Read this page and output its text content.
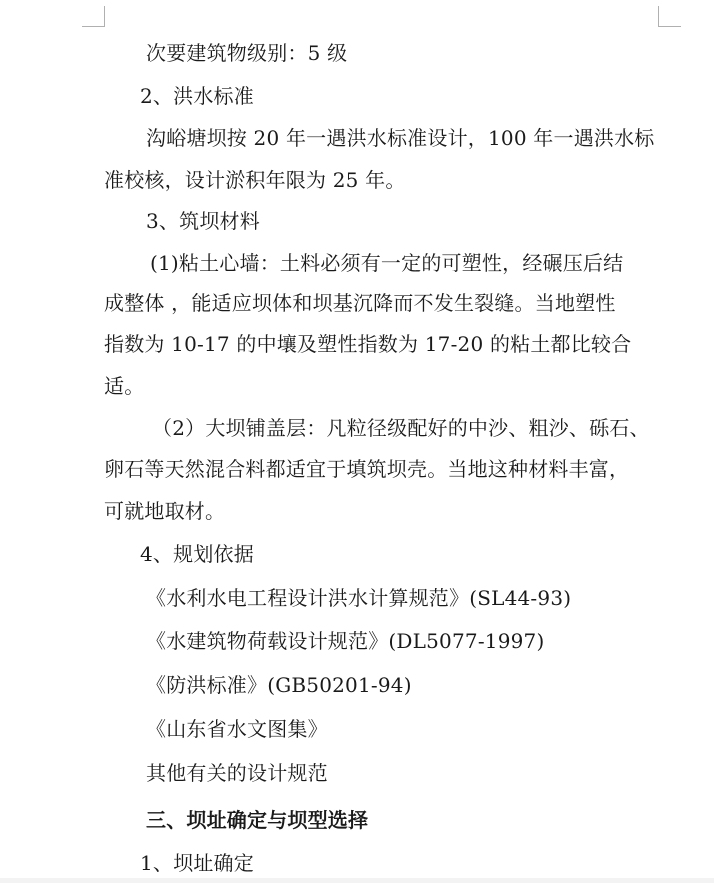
次要建筑物级别：5 级
2、洪水标准
沟峪塘坝按 20 年一遇洪水标准设计，100 年一遇洪水标
准校核，设计淤积年限为 25 年。
3、筑坝材料
(1)粘土心墙：土料必须有一定的可塑性，经碾压后结
成整体 ，能适应坝体和坝基沉降而不发生裂缝。当地塑性
指数为 10-17 的中壤及塑性指数为 17-20 的粘土都比较合
适。
（2）大坝铺盖层：凡粒径级配好的中沙、粗沙、砾石、
卵石等天然混合料都适宜于填筑坝壳。当地这种材料丰富，
可就地取材。
4、规划依据
《水利水电工程设计洪水计算规范》(SL44-93)
《水建筑物荷载设计规范》(DL5077-1997)
《防洪标准》(GB50201-94)
《山东省水文图集》
其他有关的设计规范
三、坝址确定与坝型选择
1、坝址确定
